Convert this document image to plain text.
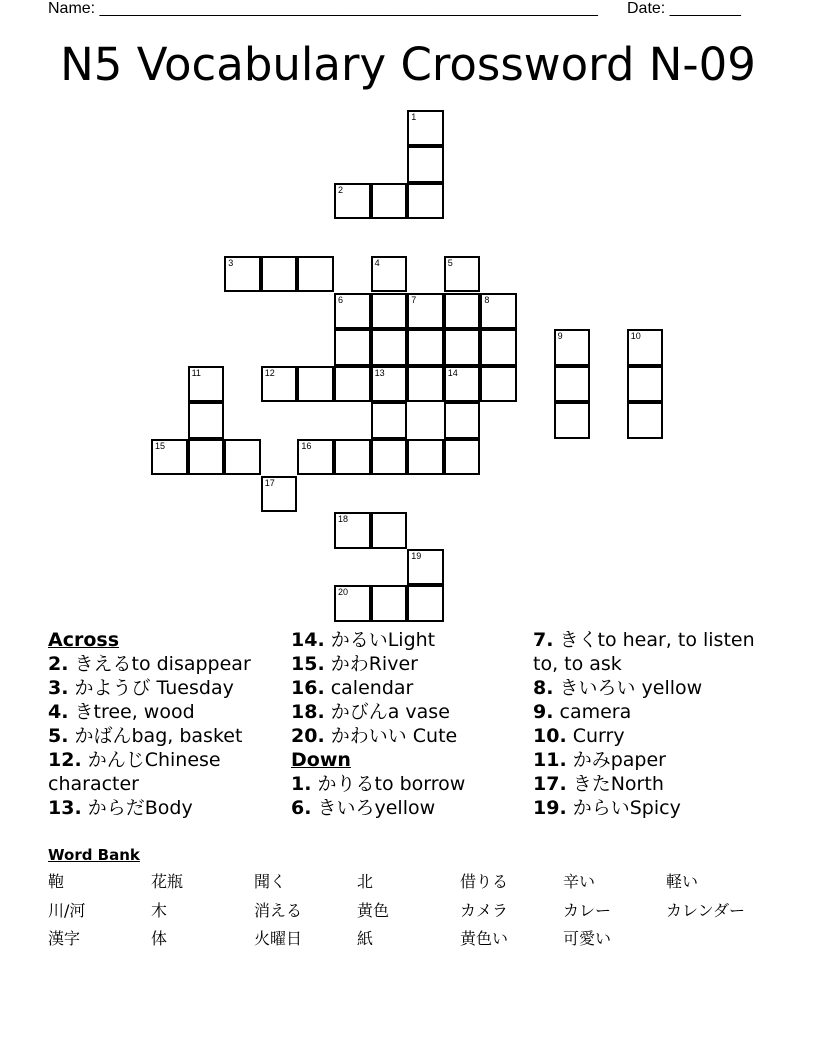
Name: ________________________________________________________ Date: ________
N5 Vocabulary Crossword N-09
1
2
3	4	5
6	7	8
9	10
11	12	13	14
15	16
17
18
19
20
Across
2. きえるto disappear
3. かようび Tuesday
4. きtree, wood
5. かばんbag, basket
12. かんじChinese character
13. からだBody
14. かるいLight
15. かわRiver
16. calendar
18. かびんa vase
20. かわいい Cute
Down
1. かりるto borrow
6. きいろyellow
7. きくto hear, to listen to, to ask
8. きいろい yellow
9. camera
10. Curry
11. かみpaper
17. きたNorth
19. からいSpicy
Word Bank
鞄	花瓶	聞く	北	借りる	辛い	軽い
川/河	木	消える	黄色	カメラ	カレー	カレンダー
漢字	体	火曜日	紙	黄色い	可愛い
